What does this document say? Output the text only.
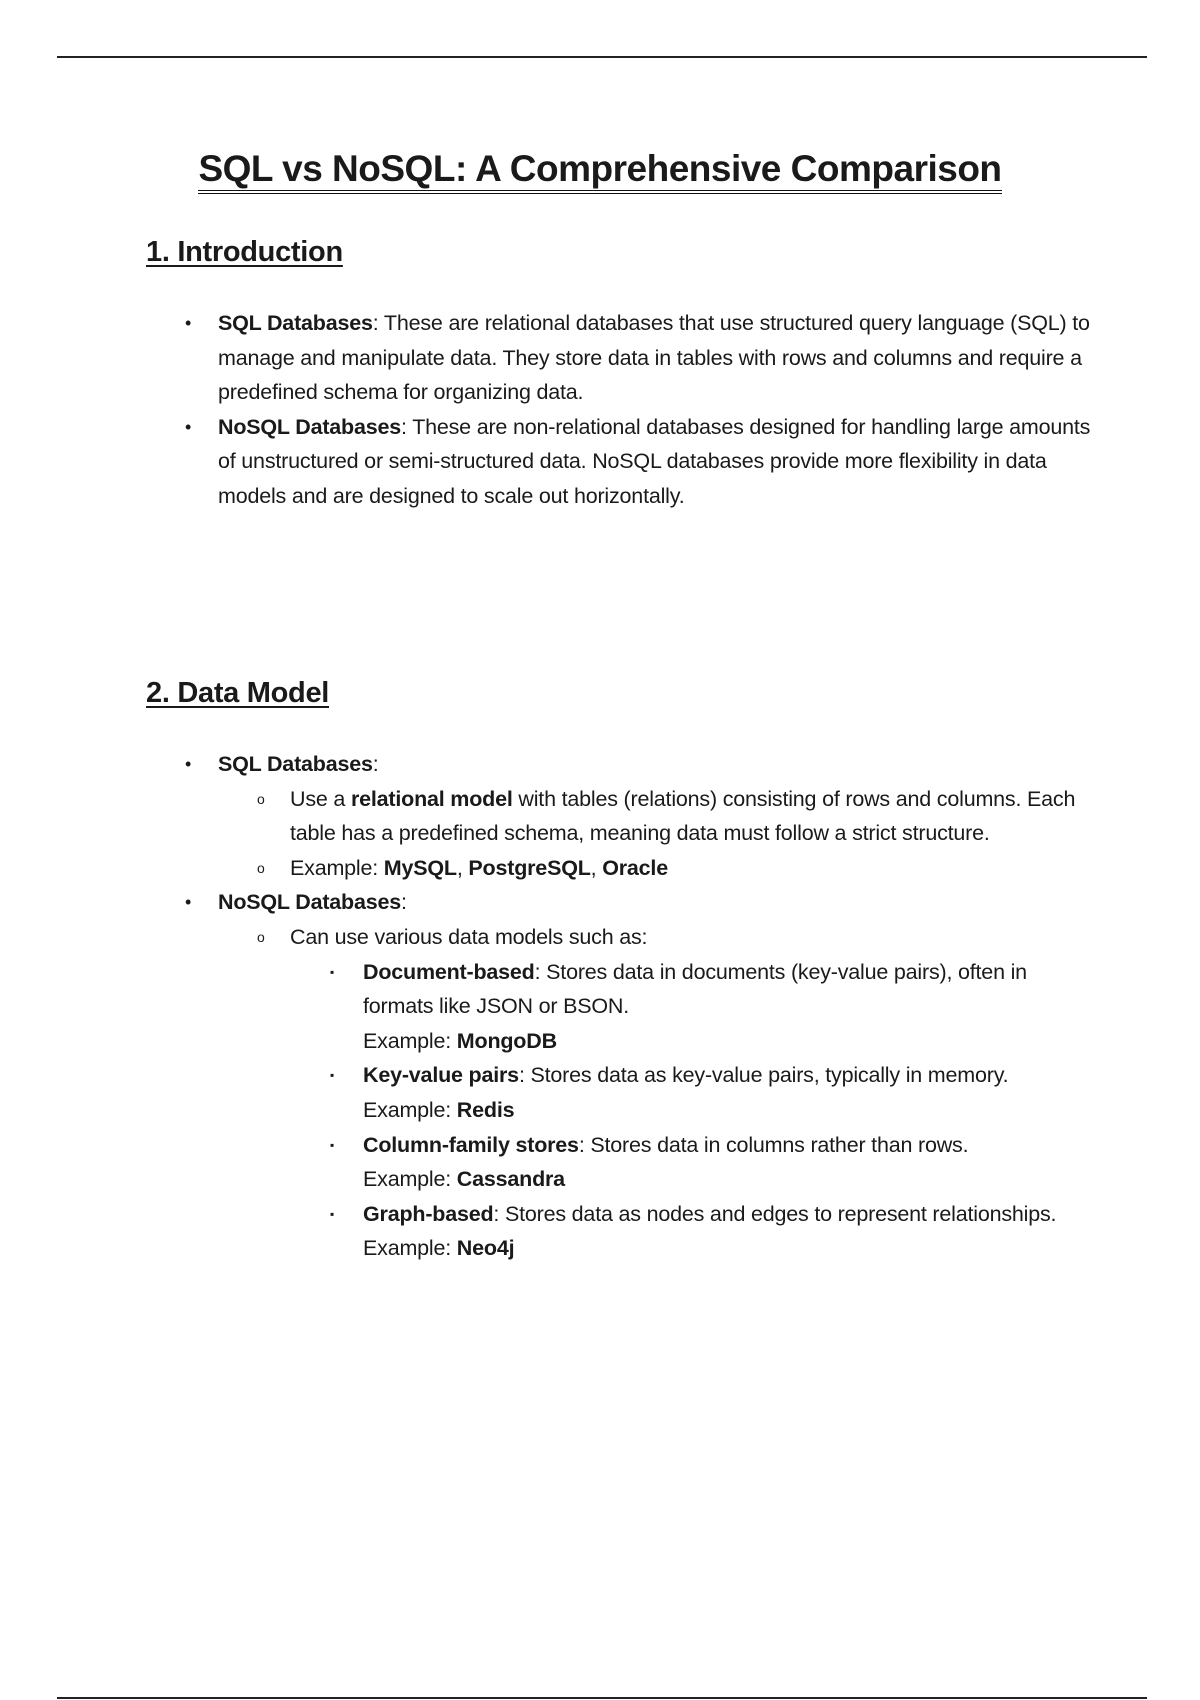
SQL vs NoSQL: A Comprehensive Comparison
1. Introduction
• SQL Databases: These are relational databases that use structured query language (SQL) to manage and manipulate data. They store data in tables with rows and columns and require a predefined schema for organizing data.
• NoSQL Databases: These are non-relational databases designed for handling large amounts of unstructured or semi-structured data. NoSQL databases provide more flexibility in data models and are designed to scale out horizontally.
2. Data Model
• SQL Databases:
o Use a relational model with tables (relations) consisting of rows and columns. Each table has a predefined schema, meaning data must follow a strict structure.
o Example: MySQL, PostgreSQL, Oracle
• NoSQL Databases:
o Can use various data models such as:
▪ Document-based: Stores data in documents (key-value pairs), often in formats like JSON or BSON.
Example: MongoDB
▪ Key-value pairs: Stores data as key-value pairs, typically in memory.
Example: Redis
▪ Column-family stores: Stores data in columns rather than rows.
Example: Cassandra
▪ Graph-based: Stores data as nodes and edges to represent relationships.
Example: Neo4j
